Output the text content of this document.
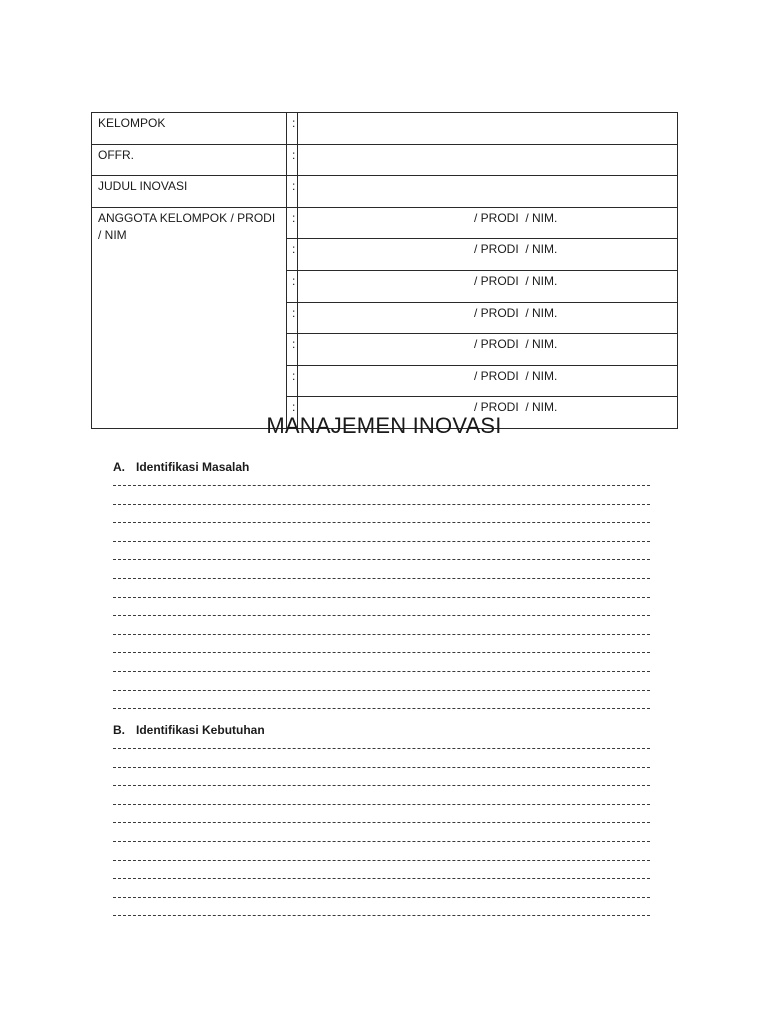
KELOMPOK	:	
OFFR.	:	
JUDUL INOVASI	:	
ANGGOTA KELOMPOK / PRODI / NIM	:	/ PRODI  / NIM.
	:	/ PRODI  / NIM.
	:	/ PRODI  / NIM.
	:	/ PRODI  / NIM.
	:	/ PRODI  / NIM.
	:	/ PRODI  / NIM.
	:	/ PRODI  / NIM.
MANAJEMEN INOVASI
A. Identifikasi Masalah
B. Identifikasi Kebutuhan
